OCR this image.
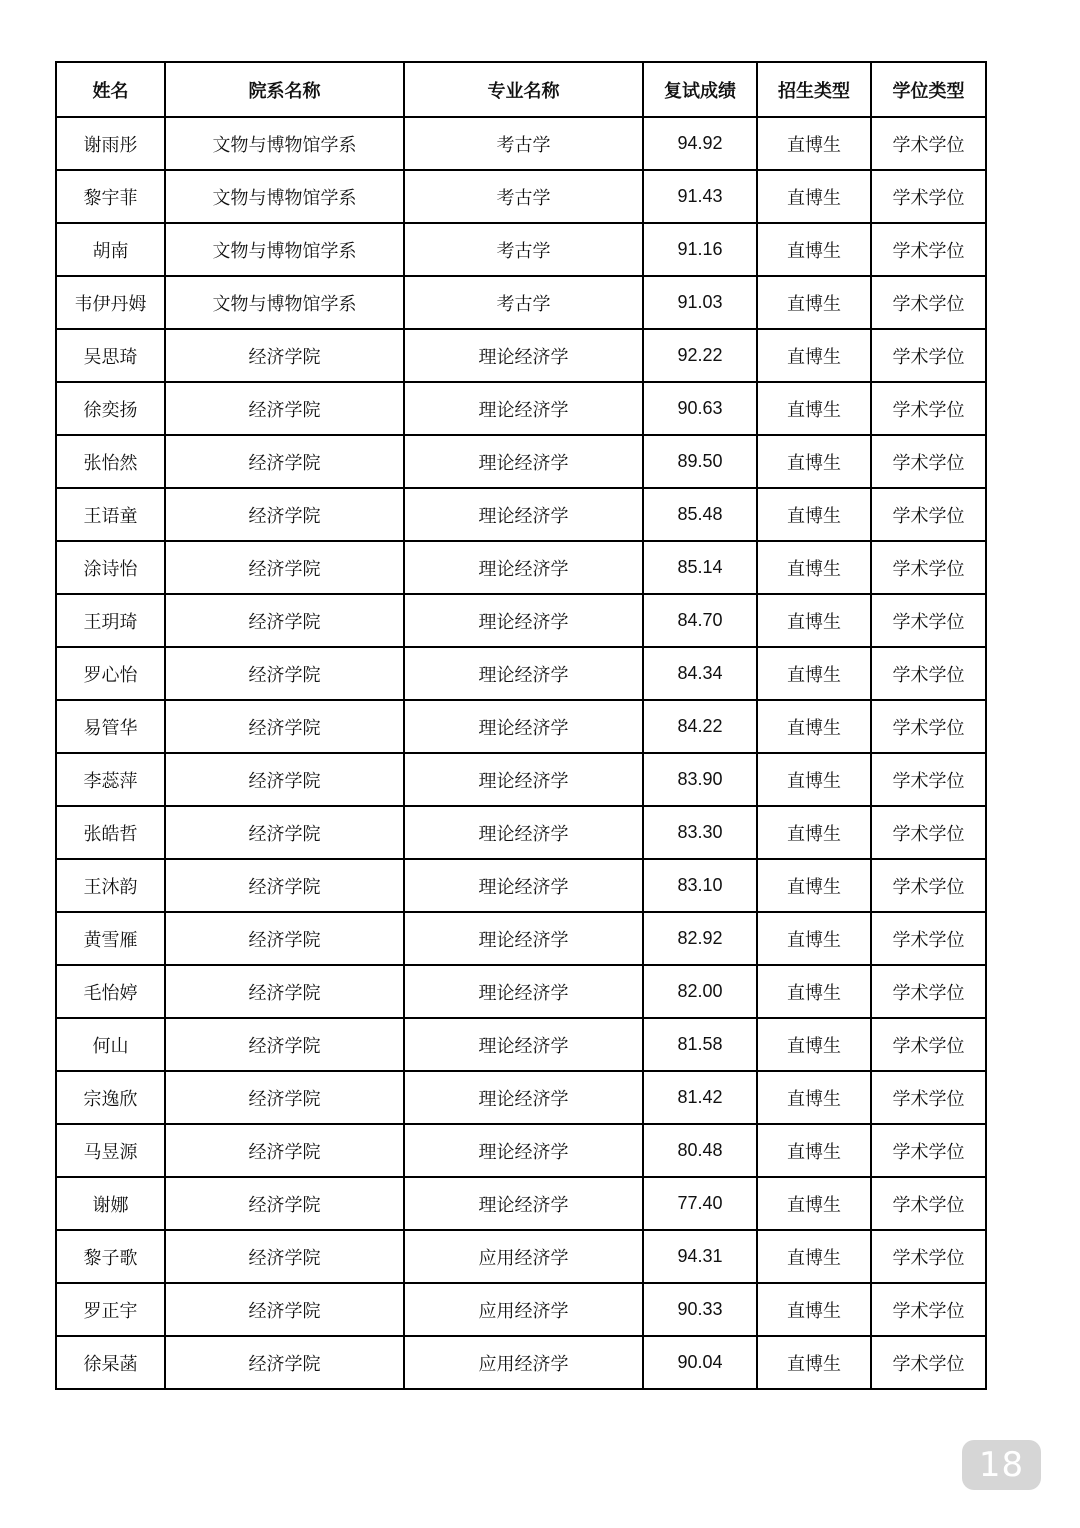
姓名	院系名称	专业名称	复试成绩	招生类型	学位类型
谢雨彤	文物与博物馆学系	考古学	94.92	直博生	学术学位
黎宇菲	文物与博物馆学系	考古学	91.43	直博生	学术学位
胡南	文物与博物馆学系	考古学	91.16	直博生	学术学位
韦伊丹姆	文物与博物馆学系	考古学	91.03	直博生	学术学位
吴思琦	经济学院	理论经济学	92.22	直博生	学术学位
徐奕扬	经济学院	理论经济学	90.63	直博生	学术学位
张怡然	经济学院	理论经济学	89.50	直博生	学术学位
王语童	经济学院	理论经济学	85.48	直博生	学术学位
涂诗怡	经济学院	理论经济学	85.14	直博生	学术学位
王玥琦	经济学院	理论经济学	84.70	直博生	学术学位
罗心怡	经济学院	理论经济学	84.34	直博生	学术学位
易管华	经济学院	理论经济学	84.22	直博生	学术学位
李蕊萍	经济学院	理论经济学	83.90	直博生	学术学位
张皓哲	经济学院	理论经济学	83.30	直博生	学术学位
王沐韵	经济学院	理论经济学	83.10	直博生	学术学位
黄雪雁	经济学院	理论经济学	82.92	直博生	学术学位
毛怡婷	经济学院	理论经济学	82.00	直博生	学术学位
何山	经济学院	理论经济学	81.58	直博生	学术学位
宗逸欣	经济学院	理论经济学	81.42	直博生	学术学位
马昱源	经济学院	理论经济学	80.48	直博生	学术学位
谢娜	经济学院	理论经济学	77.40	直博生	学术学位
黎子歌	经济学院	应用经济学	94.31	直博生	学术学位
罗正宇	经济学院	应用经济学	90.33	直博生	学术学位
徐杲菡	经济学院	应用经济学	90.04	直博生	学术学位
18
